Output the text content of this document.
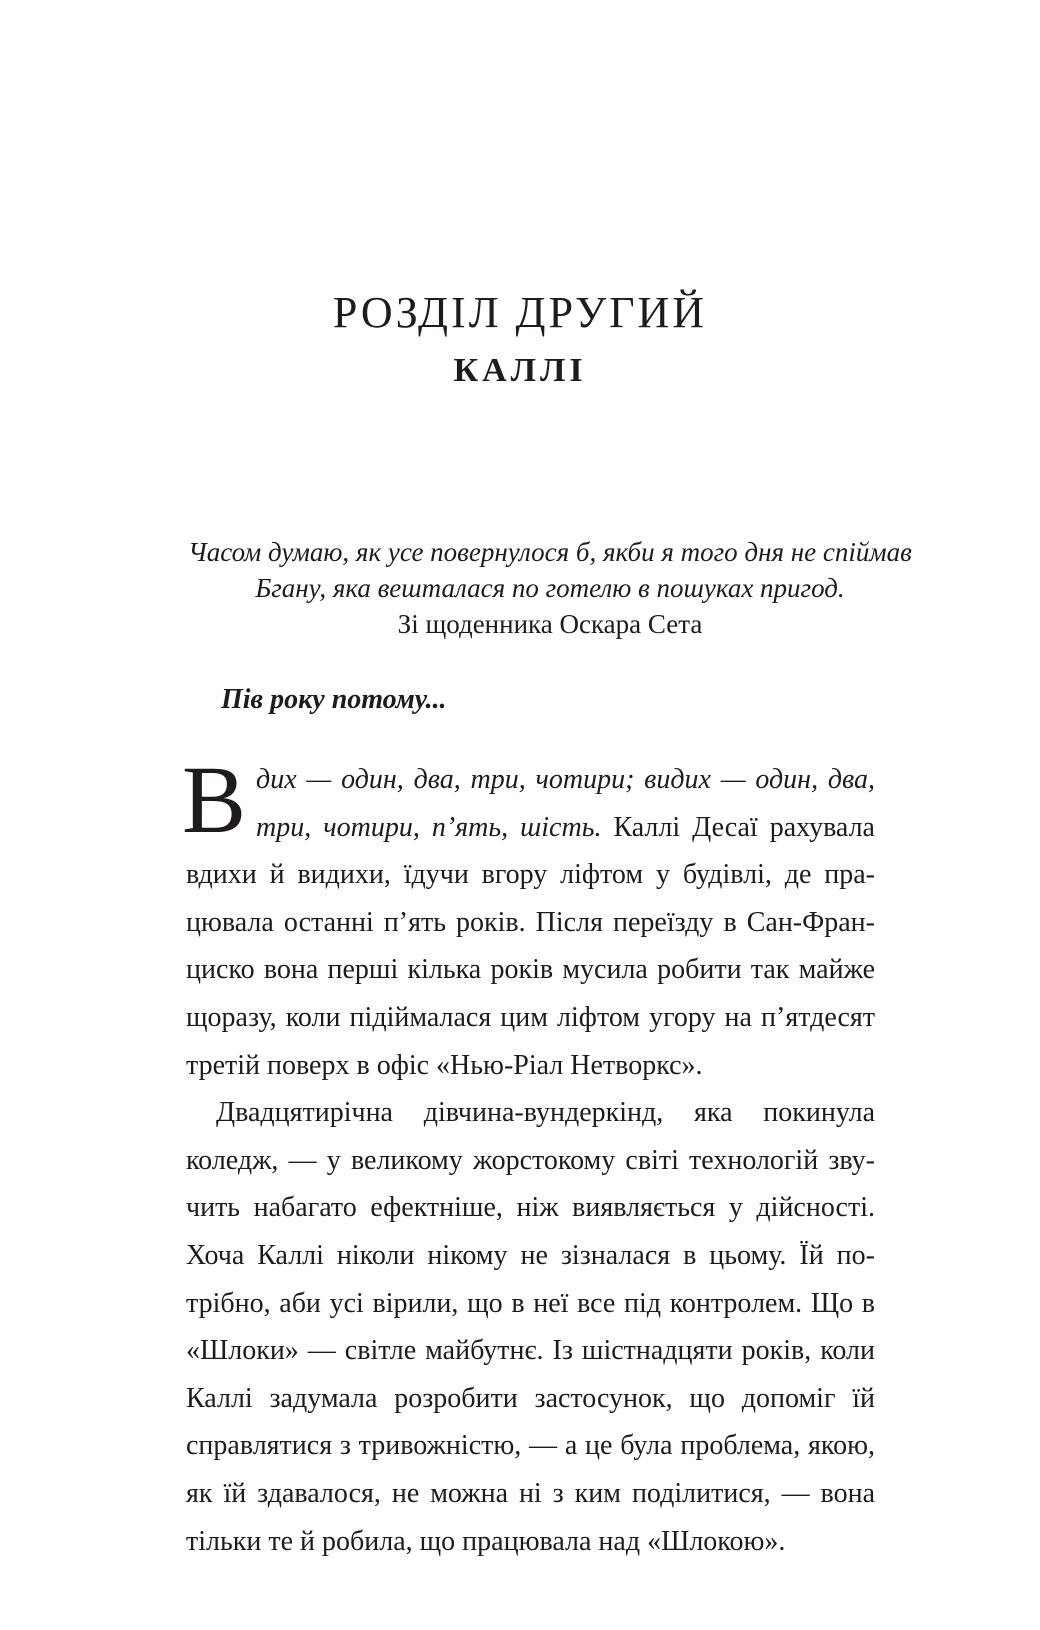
РОЗДІЛ ДРУГИЙ
КАЛЛІ
Часом думаю, як усе повернулося б, якби я того дня не спіймав Бгану, яка вешталася по готелю в пошуках пригод.
Зі щоденника Оскара Сета
Пів року потому...

Вдих — один, два, три, чотири; видих — один, два, три, чотири, п’ять, шість. Каллі Десаї рахувала вдихи й видихи, їдучи вгору ліфтом у будівлі, де працювала останні п’ять років. Після переїзду в Сан-Франциско вона перші кілька років мусила робити так майже щоразу, коли підіймалася цим ліфтом угору на п’ятдесят третій поверх в офіс «Нью-Ріал Нетворкс».

Двадцятирічна дівчина-вундеркінд, яка покинула коледж, — у великому жорстокому світі технологій звучить набагато ефектніше, ніж виявляється у дійсності. Хоча Каллі ніколи нікому не зізналася в цьому. Їй потрібно, аби усі вірили, що в неї все під контролем. Що в «Шлоки» — світле майбутнє. Із шістнадцяти років, коли Каллі задумала розробити застосунок, що допоміг їй справлятися з тривожністю, — а це була проблема, якою, як їй здавалося, не можна ні з ким поділитися, — вона тільки те й робила, що працювала над «Шлокою».
